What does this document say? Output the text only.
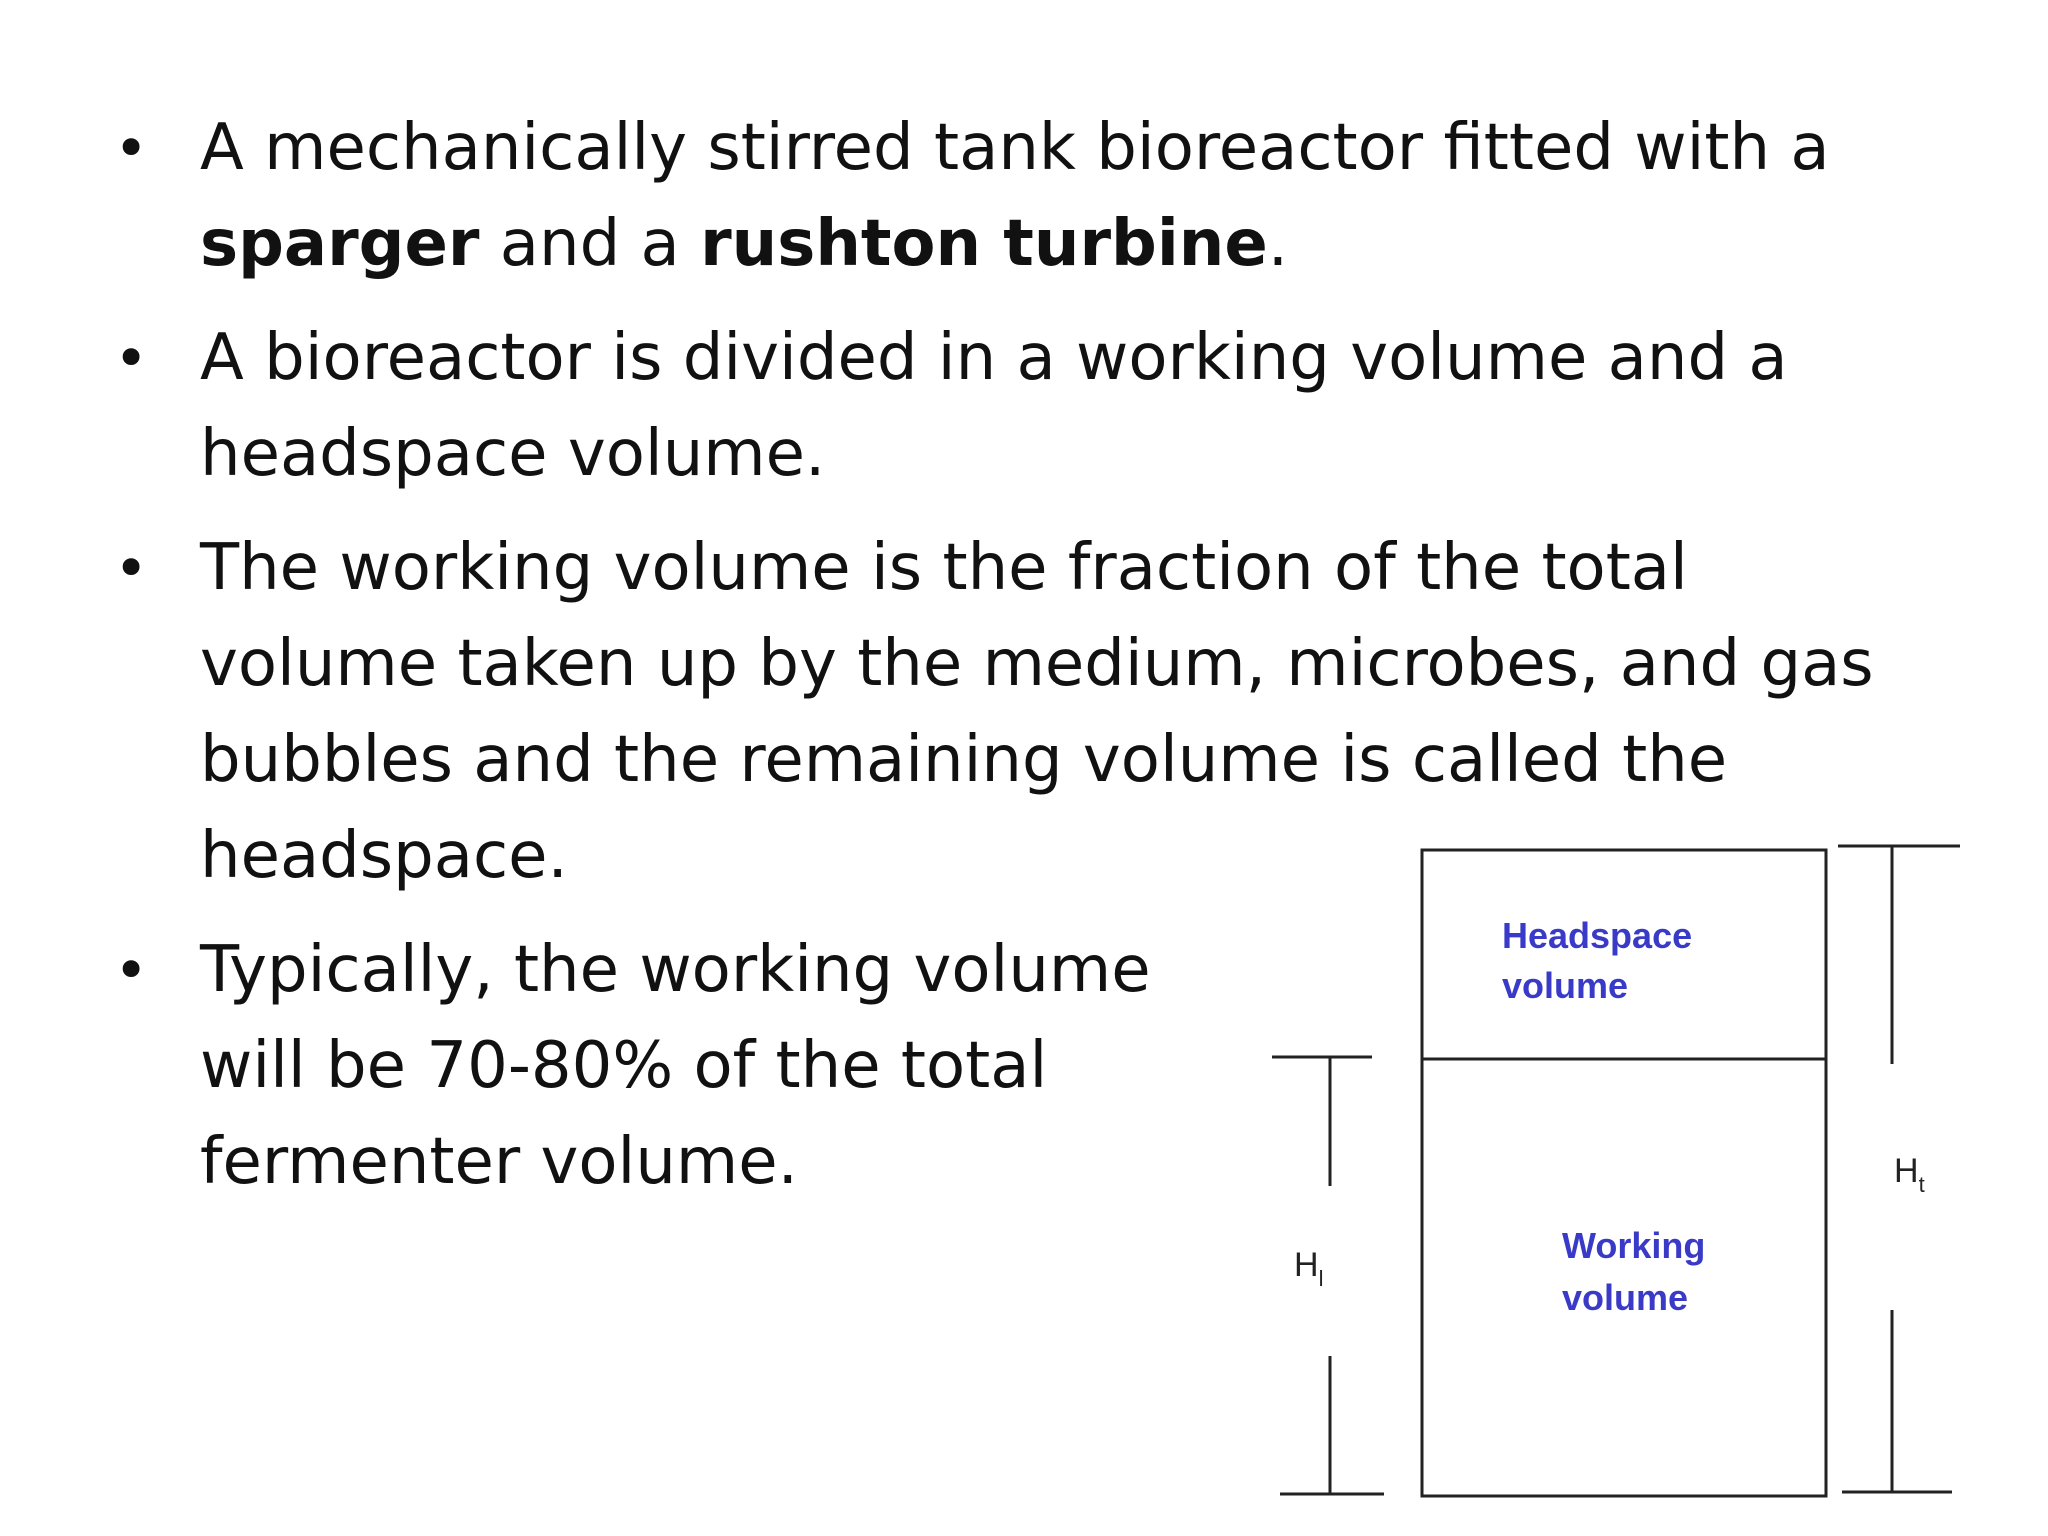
• A mechanically stirred tank bioreactor fitted with a sparger and a rushton turbine.
• A bioreactor is divided in a working volume and a headspace volume.
• The working volume is the fraction of the total volume taken up by the medium, microbes, and gas bubbles and the remaining volume is called the headspace.
• Typically, the working volume will be 70-80% of the total fermenter volume.
Headspace
volume
Working
volume
$H_l$
$H_t$
